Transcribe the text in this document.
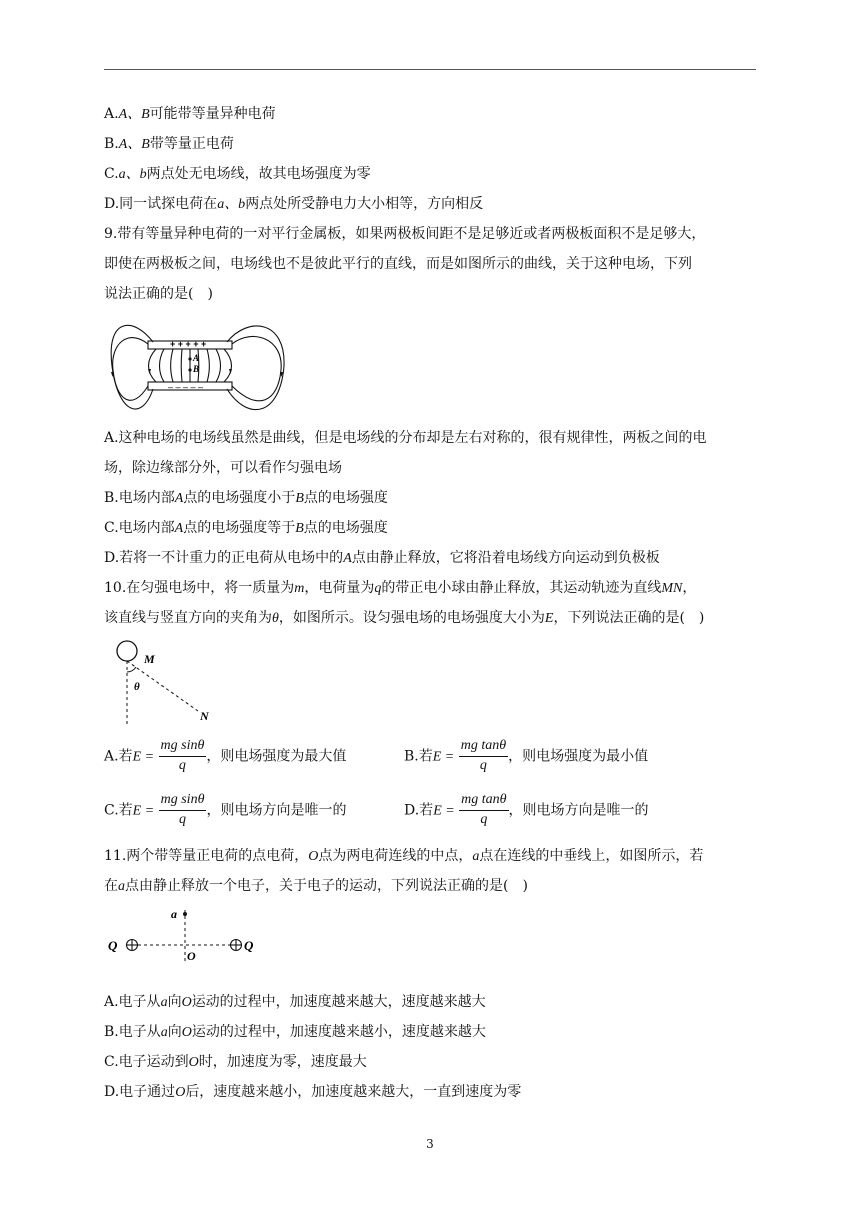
A.A、B可能带等量异种电荷
B.A、B带等量正电荷
C.a、b两点处无电场线，故其电场强度为零
D.同一试探电荷在a、b两点处所受静电力大小相等，方向相反
9.带有等量异种电荷的一对平行金属板，如果两极板间距不是足够近或者两极板面积不是足够大，
即使在两极板之间，电场线也不是彼此平行的直线，而是如图所示的曲线，关于这种电场，下列
说法正确的是(　)
+ + + + +
– – – – –
A
B
A.这种电场的电场线虽然是曲线，但是电场线的分布却是左右对称的，很有规律性，两板之间的电
场，除边缘部分外，可以看作匀强电场
B.电场内部A点的电场强度小于B点的电场强度
C.电场内部A点的电场强度等于B点的电场强度
D.若将一不计重力的正电荷从电场中的A点由静止释放，它将沿着电场线方向运动到负极板
10.在匀强电场中，将一质量为m，电荷量为q的带正电小球由静止释放，其运动轨迹为直线MN，
该直线与竖直方向的夹角为θ，如图所示。设匀强电场的电场强度大小为E，下列说法正确的是(　)
M
θ
N
A.若$E = \frac{\text{mg sinθ}}{q}$ ，则电场强度为最大值	B.若$E = \frac{\text{mg tanθ}}{q}$ ，则电场强度为最小值
C.若$E = \frac{\text{mg sinθ}}{q}$ ，则电场方向是唯一的	D.若$E = \frac{\text{mg tanθ}}{q}$ ，则电场方向是唯一的
11.两个带等量正电荷的点电荷，O点为两电荷连线的中点，a点在连线的中垂线上，如图所示，若
在a点由静止释放一个电子，关于电子的运动，下列说法正确的是(　)
a
Q	Q
O
A.电子从a向O运动的过程中，加速度越来越大，速度越来越大
B.电子从a向O运动的过程中，加速度越来越小，速度越来越大
C.电子运动到O时，加速度为零，速度最大
D.电子通过O后，速度越来越小，加速度越来越大，一直到速度为零
3
